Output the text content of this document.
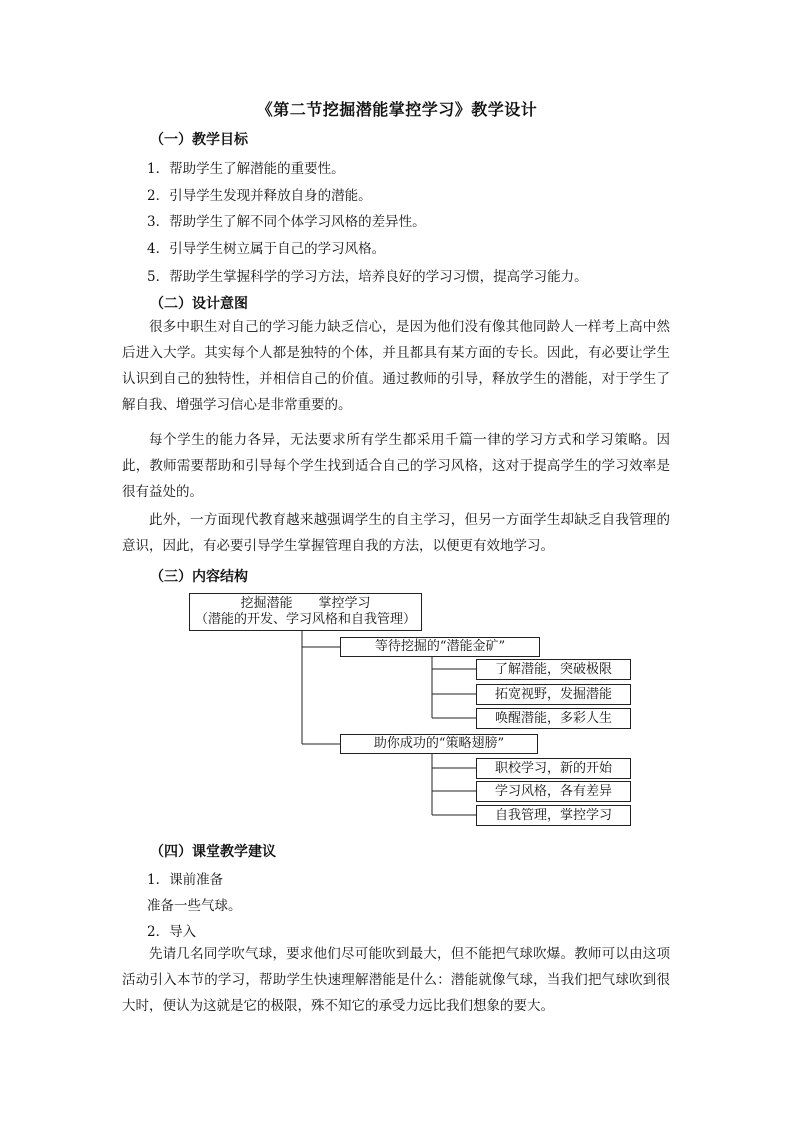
《第二节挖掘潜能掌控学习》教学设计
（一）教学目标
1．帮助学生了解潜能的重要性。
2．引导学生发现并释放自身的潜能。
3．帮助学生了解不同个体学习风格的差异性。
4．引导学生树立属于自己的学习风格。
5．帮助学生掌握科学的学习方法，培养良好的学习习惯，提高学习能力。
（二）设计意图
很多中职生对自己的学习能力缺乏信心，是因为他们没有像其他同龄人一样考上高中然后进入大学。其实每个人都是独特的个体，并且都具有某方面的专长。因此，有必要让学生认识到自己的独特性，并相信自己的价值。通过教师的引导，释放学生的潜能，对于学生了解自我、增强学习信心是非常重要的。
每个学生的能力各异，无法要求所有学生都采用千篇一律的学习方式和学习策略。因此，教师需要帮助和引导每个学生找到适合自己的学习风格，这对于提高学生的学习效率是很有益处的。
此外，一方面现代教育越来越强调学生的自主学习，但另一方面学生却缺乏自我管理的意识，因此，有必要引导学生掌握管理自我的方法，以便更有效地学习。
（三）内容结构
挖掘潜能　　掌控学习
（潜能的开发、学习风格和自我管理）
等待挖掘的“潜能金矿”
了解潜能，突破极限
拓宽视野，发掘潜能
唤醒潜能，多彩人生
助你成功的“策略翅膀”
职校学习，新的开始
学习风格，各有差异
自我管理，掌控学习
（四）课堂教学建议
1．课前准备
准备一些气球。
2．导入
先请几名同学吹气球，要求他们尽可能吹到最大，但不能把气球吹爆。教师可以由这项活动引入本节的学习，帮助学生快速理解潜能是什么：潜能就像气球，当我们把气球吹到很大时，便认为这就是它的极限，殊不知它的承受力远比我们想象的要大。
